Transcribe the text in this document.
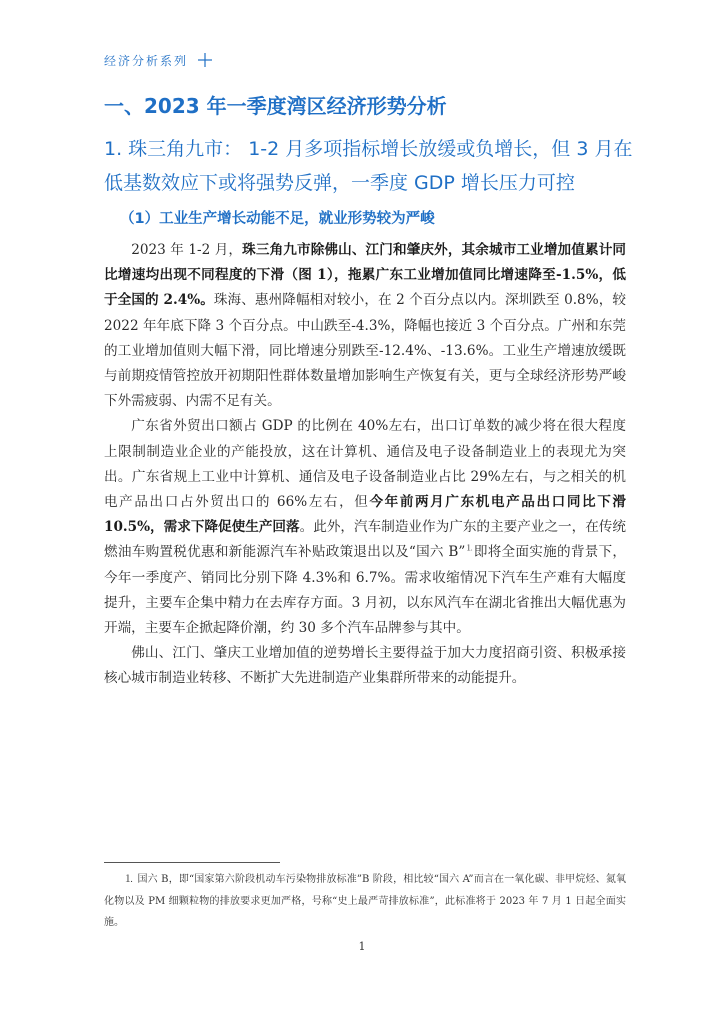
经济分析系列
一、2023 年一季度湾区经济形势分析
1. 珠三角九市： 1-2 月多项指标增长放缓或负增长，但 3 月在低基数效应下或将强势反弹，一季度 GDP 增长压力可控
（1）工业生产增长动能不足，就业形势较为严峻

2023 年 1-2 月，珠三角九市除佛山、江门和肇庆外，其余城市工业增加值累计同比增速均出现不同程度的下滑（图 1），拖累广东工业增加值同比增速降至-1.5%，低于全国的 2.4%。珠海、惠州降幅相对较小，在 2 个百分点以内。深圳跌至 0.8%，较 2022 年年底下降 3 个百分点。中山跌至-4.3%，降幅也接近 3 个百分点。广州和东莞的工业增加值则大幅下滑，同比增速分别跌至-12.4%、-13.6%。工业生产增速放缓既与前期疫情管控放开初期阳性群体数量增加影响生产恢复有关，更与全球经济形势严峻下外需疲弱、内需不足有关。

广东省外贸出口额占 GDP 的比例在 40%左右，出口订单数的减少将在很大程度上限制制造业企业的产能投放，这在计算机、通信及电子设备制造业上的表现尤为突出。广东省规上工业中计算机、通信及电子设备制造业占比 29%左右，与之相关的机电产品出口占外贸出口的 66%左右，但今年前两月广东机电产品出口同比下滑 10.5%，需求下降促使生产回落。此外，汽车制造业作为广东的主要产业之一，在传统燃油车购置税优惠和新能源汽车补贴政策退出以及“国六 B”⒈即将全面实施的背景下，今年一季度产、销同比分别下降 4.3%和 6.7%。需求收缩情况下汽车生产难有大幅度提升，主要车企集中精力在去库存方面。3 月初，以东风汽车在湖北省推出大幅优惠为开端，主要车企掀起降价潮，约 30 多个汽车品牌参与其中。

佛山、江门、肇庆工业增加值的逆势增长主要得益于加大力度招商引资、积极承接核心城市制造业转移、不断扩大先进制造产业集群所带来的动能提升。

⒈ 国六 B，即“国家第六阶段机动车污染物排放标准”B 阶段，相比较“国六 A”而言在一氧化碳、非甲烷烃、氮氧化物以及 PM 细颗粒物的排放要求更加严格，号称“史上最严苛排放标准”，此标准将于 2023 年 7 月 1 日起全面实施。

1
